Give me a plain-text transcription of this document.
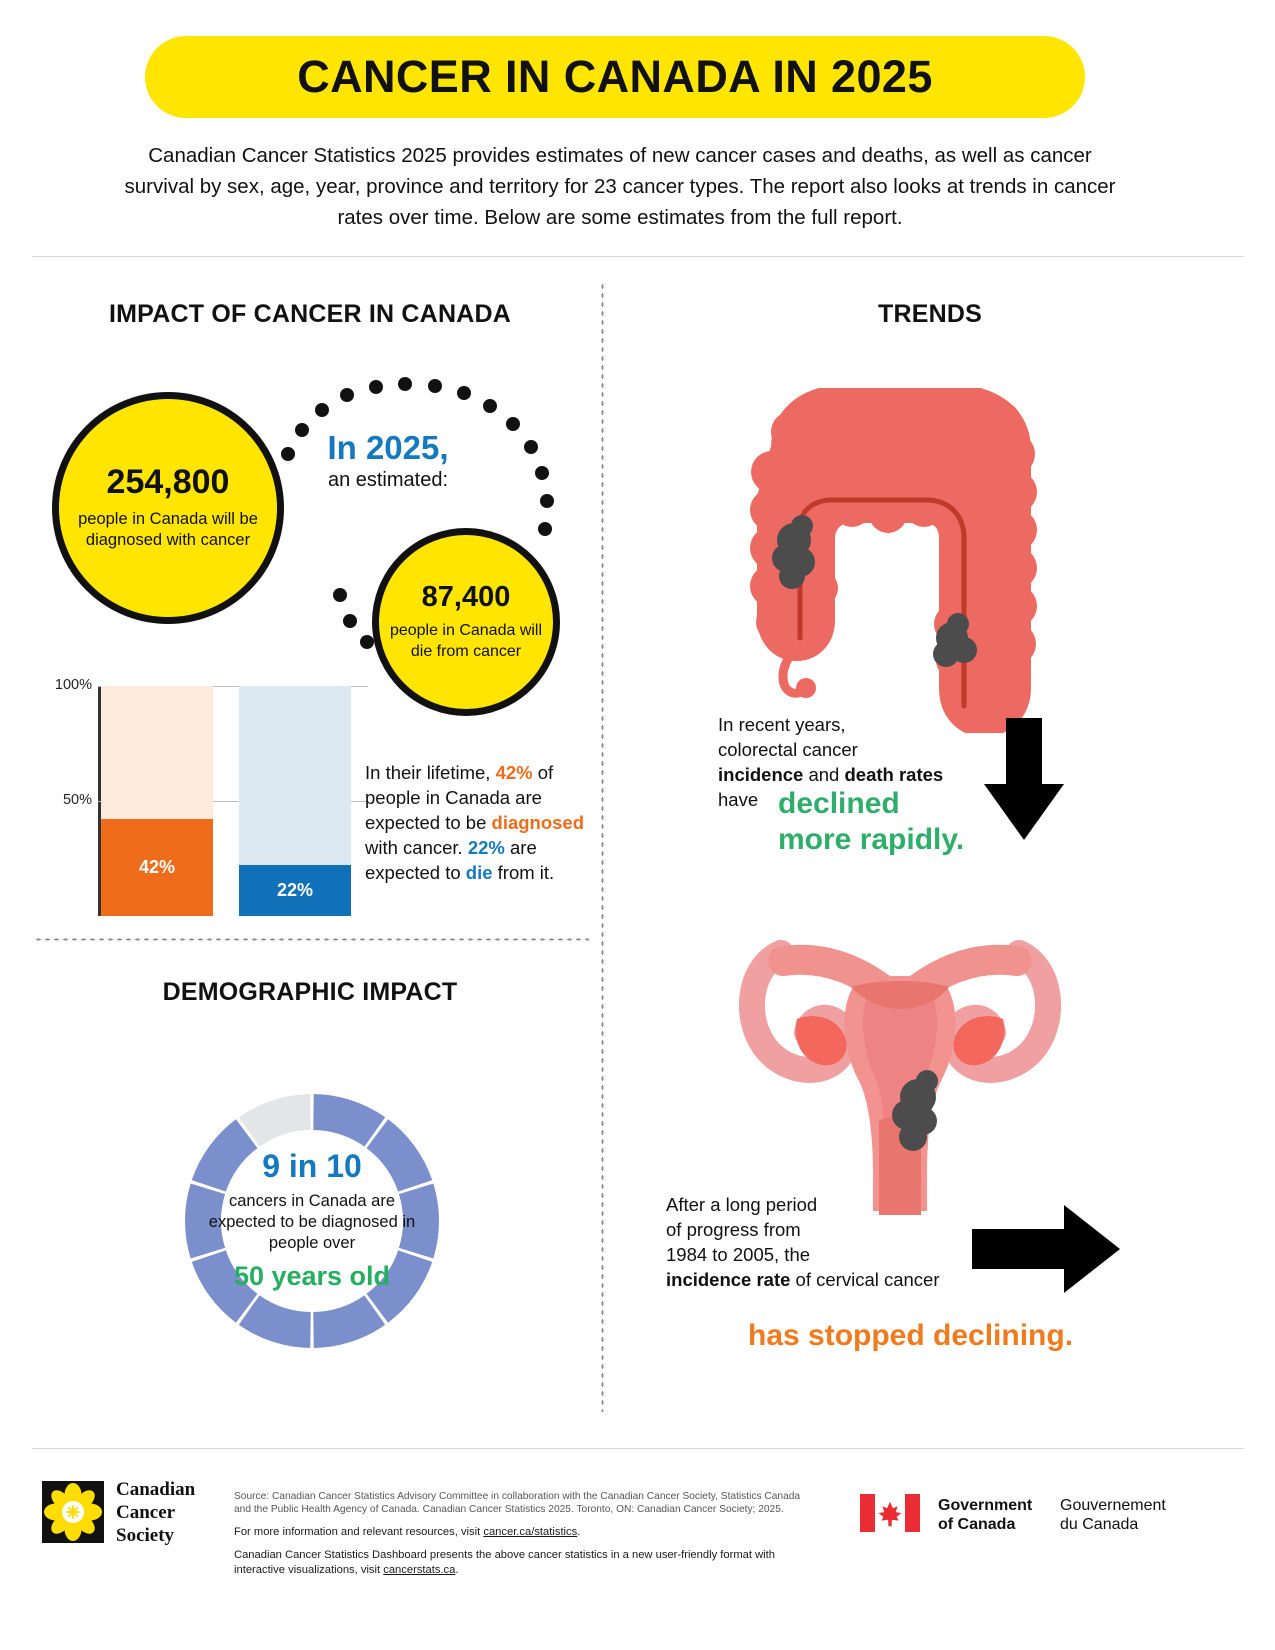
CANCER IN CANADA IN 2025
Canadian Cancer Statistics 2025 provides estimates of new cancer cases and deaths, as well as cancer survival by sex, age, year, province and territory for 23 cancer types. The report also looks at trends in cancer rates over time. Below are some estimates from the full report.
IMPACT OF CANCER IN CANADA
DEMOGRAPHIC IMPACT
TRENDS
254,800
people in Canada will be diagnosed with cancer
87,400
people in Canada will die from cancer
In 2025,
an estimated:
100%
50%
42%
22%
In their lifetime, 42% of people in Canada are expected to be diagnosed with cancer. 22% are expected to die from it.
9 in 10
cancers in Canada are expected to be diagnosed in people over
50 years old
In recent years,
colorectal cancer
incidence and death rates
have declined
more rapidly.
After a long period
of progress from
1984 to 2005, the
incidence rate of cervical cancer
has stopped declining.
Canadian
Cancer
Society
Source: Canadian Cancer Statistics Advisory Committee in collaboration with the Canadian Cancer Society, Statistics Canada and the Public Health Agency of Canada. Canadian Cancer Statistics 2025. Toronto, ON: Canadian Cancer Society; 2025.
For more information and relevant resources, visit cancer.ca/statistics.
Canadian Cancer Statistics Dashboard presents the above cancer statistics in a new user-friendly format with interactive visualizations, visit cancerstats.ca.
Government
of Canada
Gouvernement
du Canada
